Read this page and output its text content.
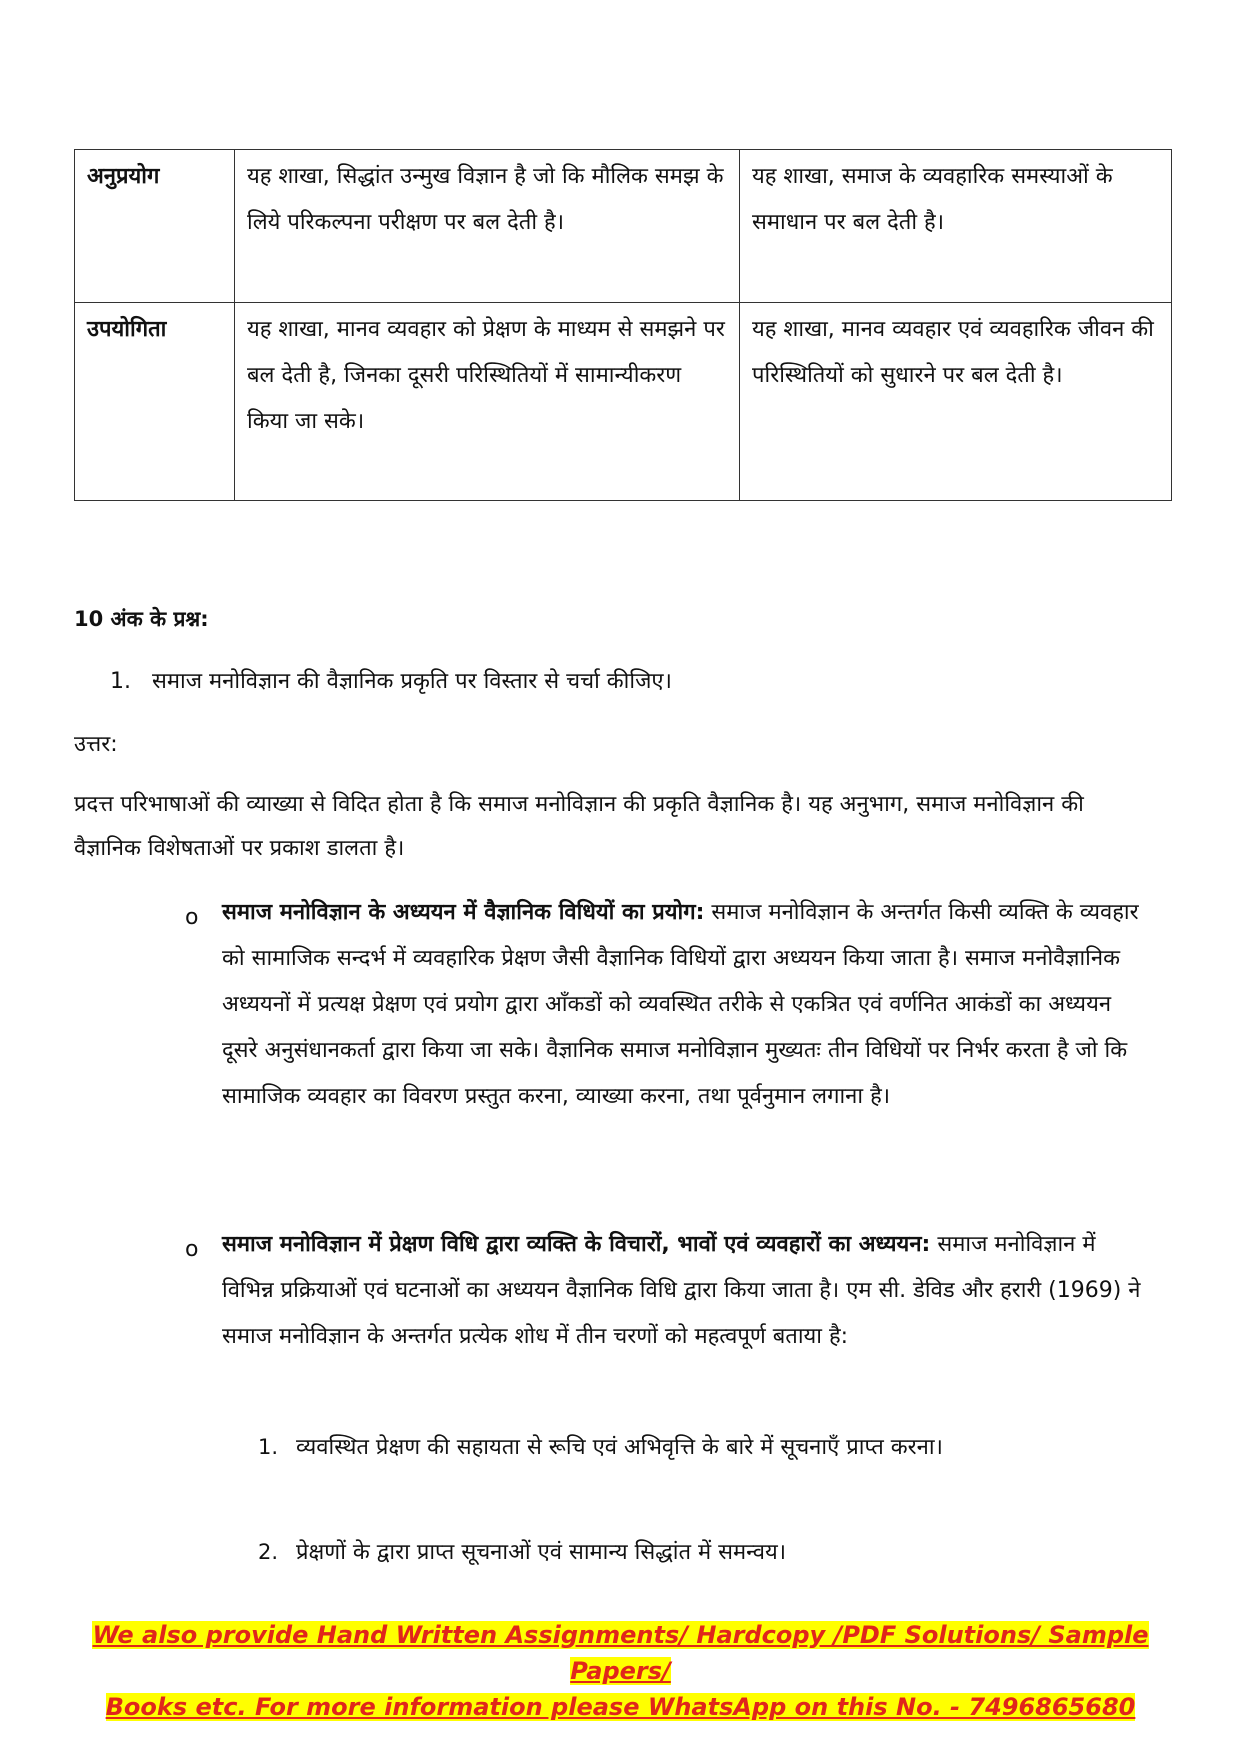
अनुप्रयोग	यह शाखा, सिद्धांत उन्मुख विज्ञान है जो कि मौलिक समझ के लिये परिकल्पना परीक्षण पर बल देती है।	यह शाखा, समाज के व्यवहारिक समस्याओं के समाधान पर बल देती है।
उपयोगिता	यह शाखा, मानव व्यवहार को प्रेक्षण के माध्यम से समझने पर बल देती है, जिनका दूसरी परिस्थितियों में सामान्यीकरण किया जा सके।	यह शाखा, मानव व्यवहार एवं व्यवहारिक जीवन की परिस्थितियों को सुधारने पर बल देती है।
10 अंक के प्रश्न:
1. समाज मनोविज्ञान की वैज्ञानिक प्रकृति पर विस्तार से चर्चा कीजिए।
उत्तर:
प्रदत्त परिभाषाओं की व्याख्या से विदित होता है कि समाज मनोविज्ञान की प्रकृति वैज्ञानिक है। यह अनुभाग, समाज मनोविज्ञान की वैज्ञानिक विशेषताओं पर प्रकाश डालता है।
o समाज मनोविज्ञान के अध्ययन में वैज्ञानिक विधियों का प्रयोग: समाज मनोविज्ञान के अन्तर्गत किसी व्यक्ति के व्यवहार को सामाजिक सन्दर्भ में व्यवहारिक प्रेक्षण जैसी वैज्ञानिक विधियों द्वारा अध्ययन किया जाता है। समाज मनोवैज्ञानिक अध्ययनों में प्रत्यक्ष प्रेक्षण एवं प्रयोग द्वारा आँकडों को व्यवस्थित तरीके से एकत्रित एवं वर्णनित आकंडों का अध्ययन दूसरे अनुसंधानकर्ता द्वारा किया जा सके। वैज्ञानिक समाज मनोविज्ञान मुख्यतः तीन विधियों पर निर्भर करता है जो कि सामाजिक व्यवहार का विवरण प्रस्तुत करना, व्याख्या करना, तथा पूर्वनुमान लगाना है।
o समाज मनोविज्ञान में प्रेक्षण विधि द्वारा व्यक्ति के विचारों, भावों एवं व्यवहारों का अध्ययन: समाज मनोविज्ञान में विभिन्न प्रक्रियाओं एवं घटनाओं का अध्ययन वैज्ञानिक विधि द्वारा किया जाता है। एम सी. डेविड और हरारी (1969) ने समाज मनोविज्ञान के अन्तर्गत प्रत्येक शोध में तीन चरणों को महत्वपूर्ण बताया है:
1. व्यवस्थित प्रेक्षण की सहायता से रूचि एवं अभिवृत्ति के बारे में सूचनाएँ प्राप्त करना।
2. प्रेक्षणों के द्वारा प्राप्त सूचनाओं एवं सामान्य सिद्धांत में समन्वय।
We also provide Hand Written Assignments/ Hardcopy /PDF Solutions/ Sample Papers/
Books etc. For more information please WhatsApp on this No. - 7496865680
